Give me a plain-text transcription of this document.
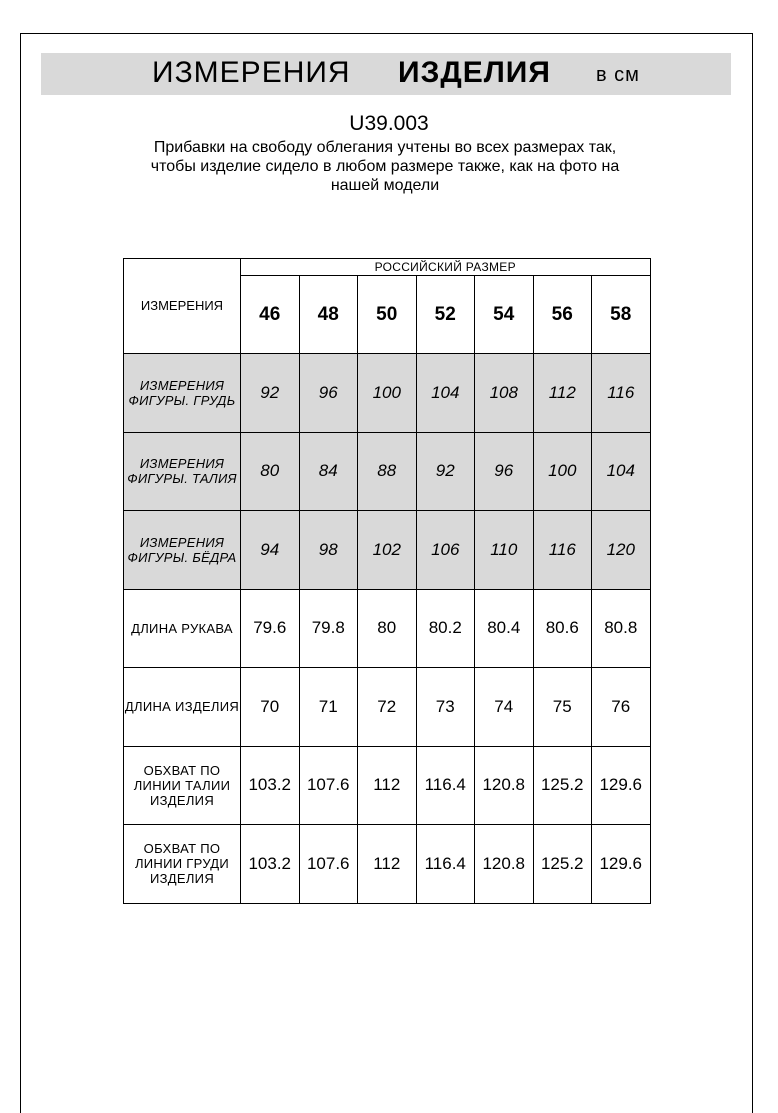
ИЗМЕРЕНИЯ ИЗДЕЛИЯ в см
U39.003
Прибавки на свободу облегания учтены во всех размерах так,
чтобы изделие сидело в любом размере также, как на фото на
нашей модели
ИЗМЕРЕНИЯ	РОССИЙСКИЙ РАЗМЕР						
	46	48	50	52	54	56	58
ИЗМЕРЕНИЯ
ФИГУРЫ. ГРУДЬ	92	96	100	104	108	112	116
ИЗМЕРЕНИЯ
ФИГУРЫ. ТАЛИЯ	80	84	88	92	96	100	104
ИЗМЕРЕНИЯ
ФИГУРЫ. БЁДРА	94	98	102	106	110	116	120
ДЛИНА РУКАВА	79.6	79.8	80	80.2	80.4	80.6	80.8
ДЛИНА ИЗДЕЛИЯ	70	71	72	73	74	75	76
ОБХВАТ ПО
ЛИНИИ ТАЛИИ
ИЗДЕЛИЯ	103.2	107.6	112	116.4	120.8	125.2	129.6
ОБХВАТ ПО
ЛИНИИ ГРУДИ
ИЗДЕЛИЯ	103.2	107.6	112	116.4	120.8	125.2	129.6
